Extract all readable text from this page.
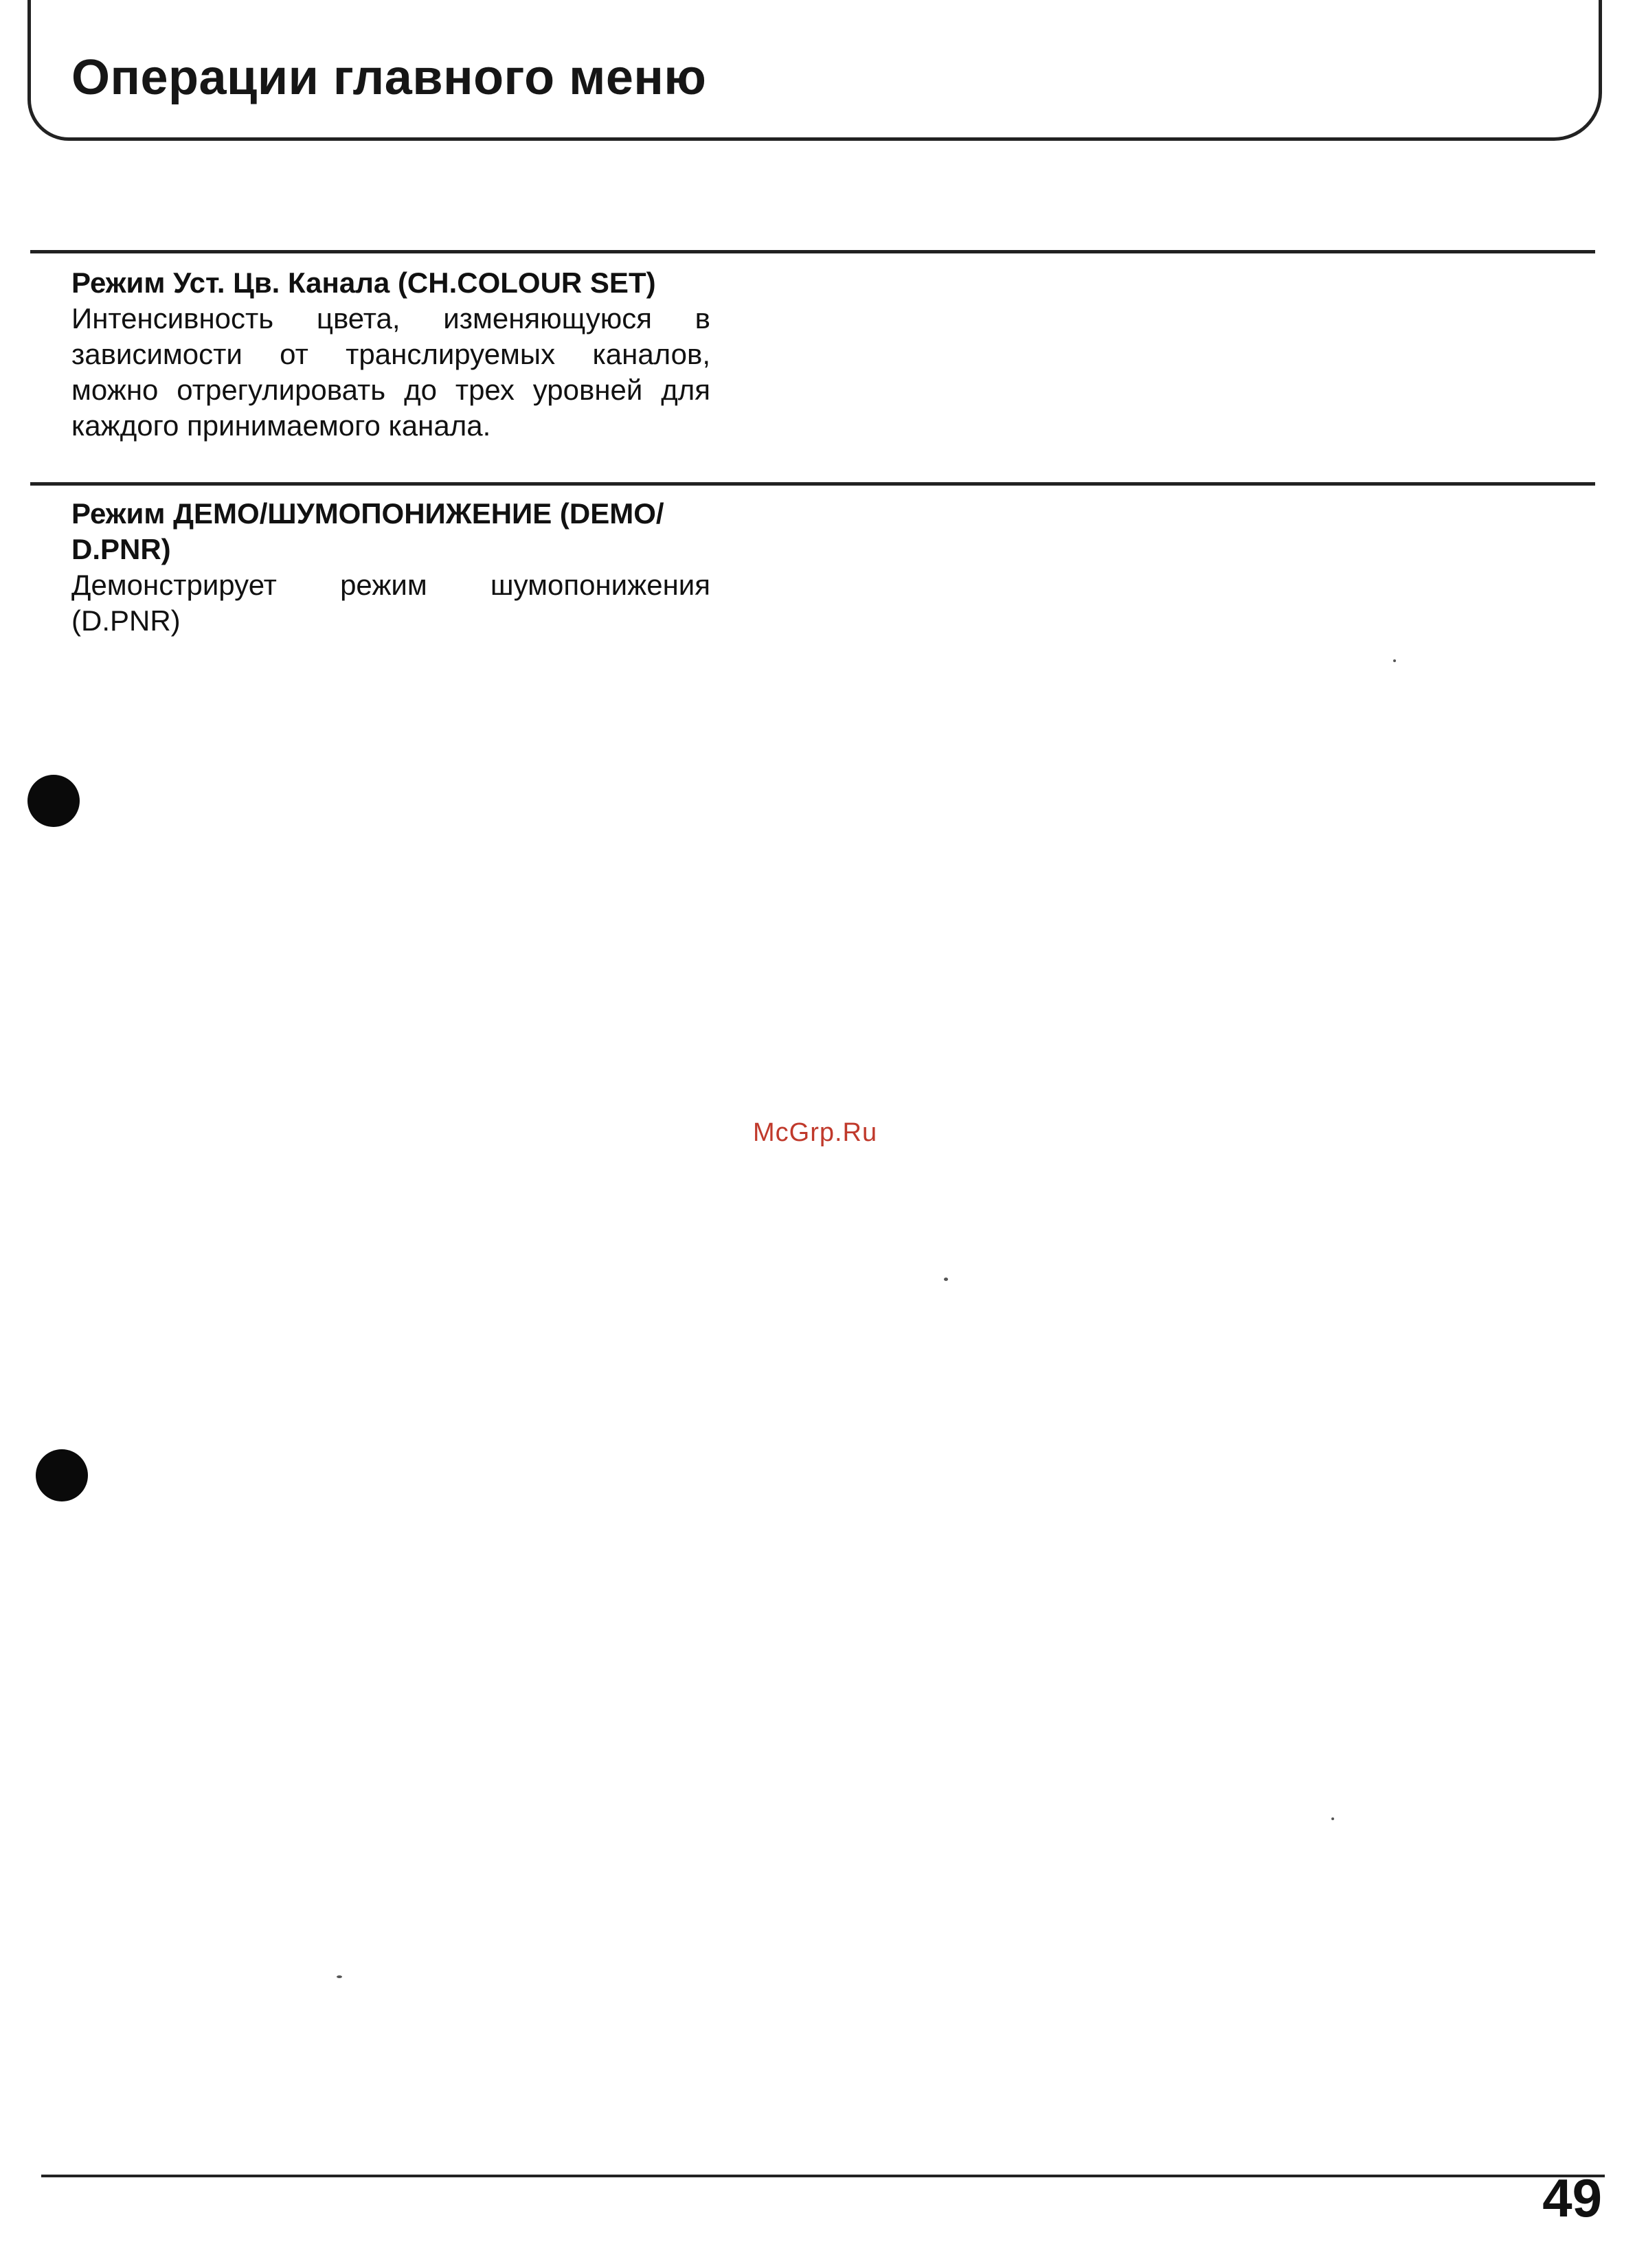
Операции главного меню

Режим Уст. Цв. Канала (CH.COLOUR SET)

Интенсивность цвета, изменяющуюся в зависимости от транслируемых каналов, можно отрегулировать до трех уровней для каждого принимаемого канала.

Режим ДЕМО/ШУМОПОНИЖЕНИЕ (DEMO/ D.PNR)

Демонстрирует режим шумопонижения (D.PNR)

McGrp.Ru
49
